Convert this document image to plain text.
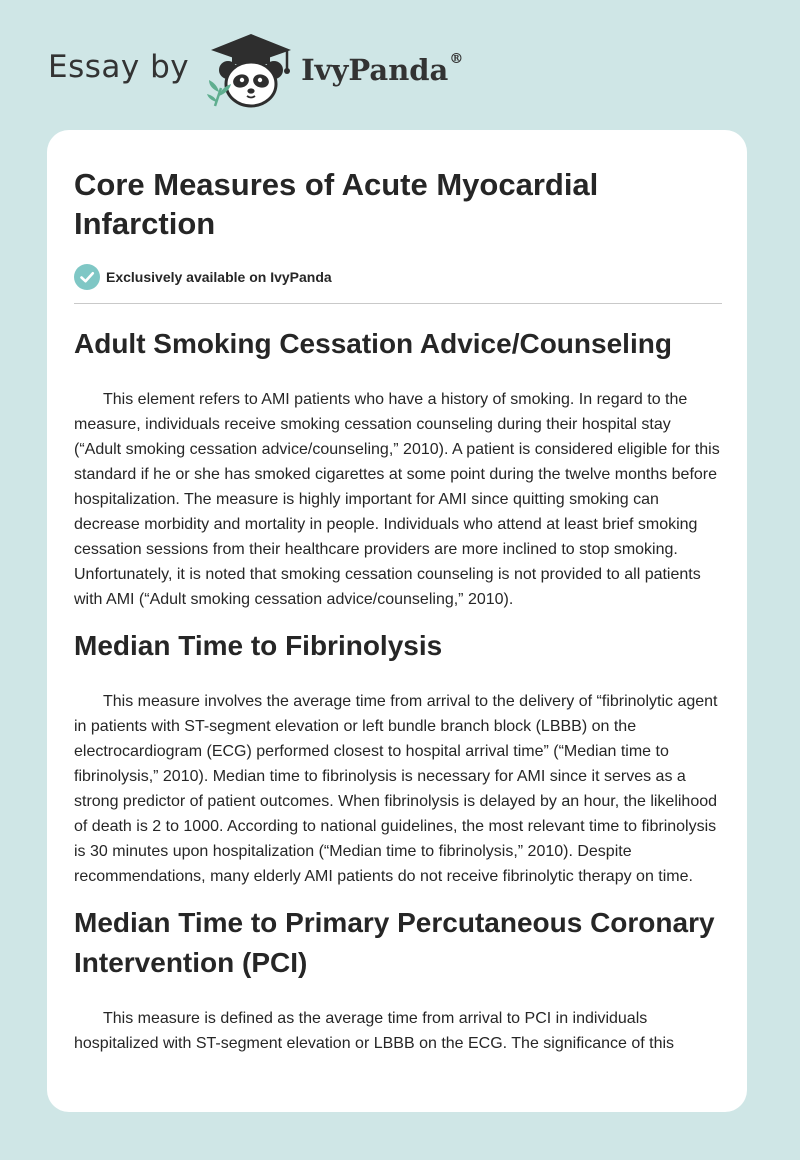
Essay by	IvyPanda®
Core Measures of Acute Myocardial Infarction
Exclusively available on IvyPanda
Adult Smoking Cessation Advice/Counseling

This element refers to AMI patients who have a history of smoking. In regard to the measure, individuals receive smoking cessation counseling during their hospital stay (“Adult smoking cessation advice/counseling,” 2010). A patient is considered eligible for this standard if he or she has smoked cigarettes at some point during the twelve months before hospitalization. The measure is highly important for AMI since quitting smoking can decrease morbidity and mortality in people. Individuals who attend at least brief smoking cessation sessions from their healthcare providers are more inclined to stop smoking. Unfortunately, it is noted that smoking cessation counseling is not provided to all patients with AMI (“Adult smoking cessation advice/counseling,” 2010).

Median Time to Fibrinolysis

This measure involves the average time from arrival to the delivery of “fibrinolytic agent in patients with ST-segment elevation or left bundle branch block (LBBB) on the electrocardiogram (ECG) performed closest to hospital arrival time” (“Median time to fibrinolysis,” 2010). Median time to fibrinolysis is necessary for AMI since it serves as a strong predictor of patient outcomes. When fibrinolysis is delayed by an hour, the likelihood of death is 2 to 1000. According to national guidelines, the most relevant time to fibrinolysis is 30 minutes upon hospitalization (“Median time to fibrinolysis,” 2010). Despite recommendations, many elderly AMI patients do not receive fibrinolytic therapy on time.

Median Time to Primary Percutaneous Coronary Intervention (PCI)

This measure is defined as the average time from arrival to PCI in individuals hospitalized with ST-segment elevation or LBBB on the ECG. The significance of this
